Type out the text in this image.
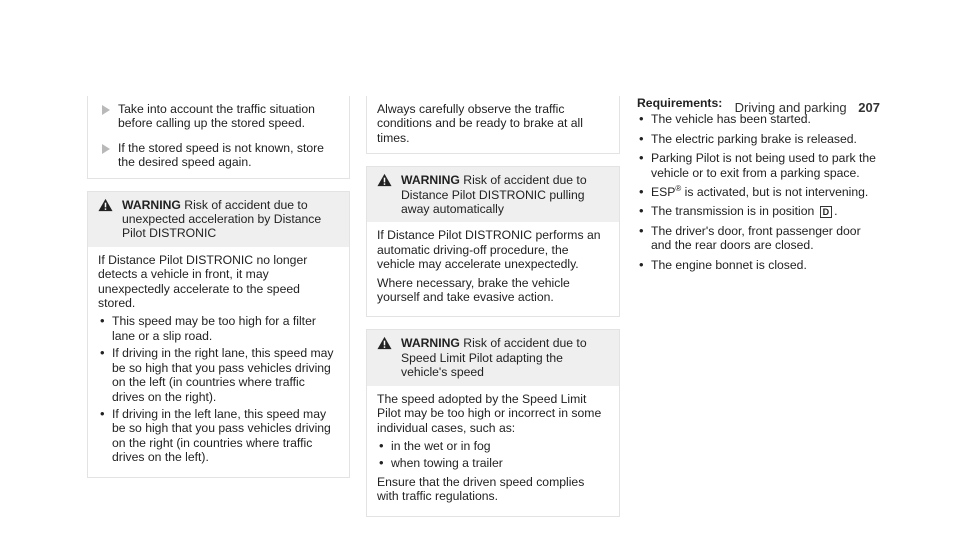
Driving and parking 207
Take into account the traffic situation before calling up the stored speed.
If the stored speed is not known, store the desired speed again.
WARNING Risk of accident due to unexpected acceleration by Distance Pilot DISTRONIC

If Distance Pilot DISTRONIC no longer detects a vehicle in front, it may unexpectedly accelerate to the speed stored.

• This speed may be too high for a filter lane or a slip road.
• If driving in the right lane, this speed may be so high that you pass vehicles driving on the left (in countries where traffic drives on the right).
• If driving in the left lane, this speed may be so high that you pass vehicles driving on the right (in countries where traffic drives on the left).
Always carefully observe the traffic conditions and be ready to brake at all times.
WARNING Risk of accident due to Distance Pilot DISTRONIC pulling away automatically

If Distance Pilot DISTRONIC performs an automatic driving-off procedure, the vehicle may accelerate unexpectedly.

Where necessary, brake the vehicle yourself and take evasive action.

WARNING Risk of accident due to Speed Limit Pilot adapting the vehicle's speed

The speed adopted by the Speed Limit Pilot may be too high or incorrect in some individual cases, such as:

• in the wet or in fog
• when towing a trailer

Ensure that the driven speed complies with traffic regulations.

Requirements:
• The vehicle has been started.
• The electric parking brake is released.
• Parking Pilot is not being used to park the vehicle or to exit from a parking space.
• ESP® is activated, but is not intervening.
• The transmission is in position D .
• The driver's door, front passenger door and the rear doors are closed.
• The engine bonnet is closed.
